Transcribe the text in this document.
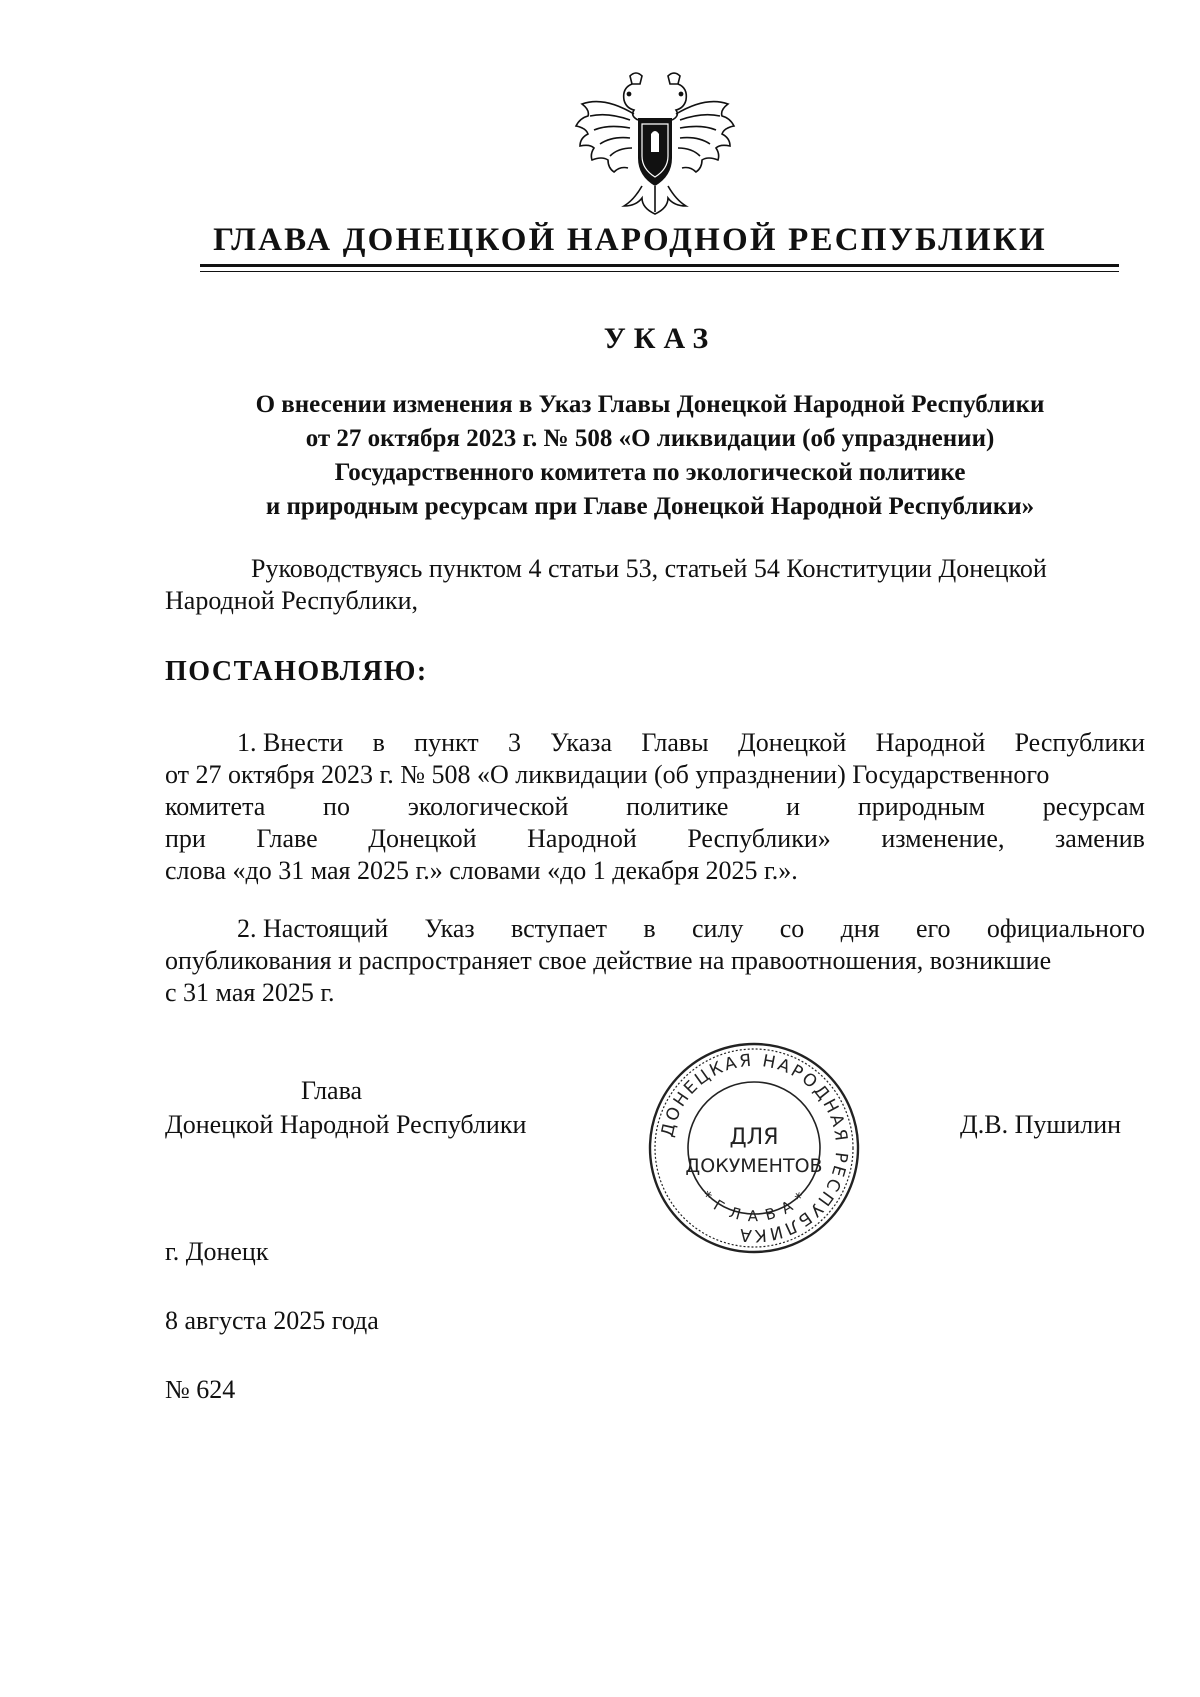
ГЛАВА ДОНЕЦКОЙ НАРОДНОЙ РЕСПУБЛИКИ
УКАЗ
О внесении изменения в Указ Главы Донецкой Народной Республики
от 27 октября 2023 г. № 508 «О ликвидации (об упразднении)
Государственного комитета по экологической политике
и природным ресурсам при Главе Донецкой Народной Республики»
Руководствуясь пунктом 4 статьи 53, статьей 54 Конституции Донецкой
Народной Республики,
ПОСТАНОВЛЯЮ:
1. Внести в пункт 3 Указа Главы Донецкой Народной Республики
от 27 октября 2023 г. № 508 «О ликвидации (об упразднении) Государственного
комитета по экологической политике и природным ресурсам
при Главе Донецкой Народной Республики» изменение, заменив
слова «до 31 мая 2025 г.» словами «до 1 декабря 2025 г.».
2. Настоящий Указ вступает в силу со дня его официального
опубликования и распространяет свое действие на правоотношения, возникшие
с 31 мая 2025 г.
Глава
Донецкой Народной Республики	ДОНЕЦКАЯ НАРОДНАЯ РЕСПУБЛИКА
* Г Л А В А *
ДЛЯ
ДОКУМЕНТОВ
Д.В. Пушилин
г. Донецк
8 августа 2025 года
№ 624
